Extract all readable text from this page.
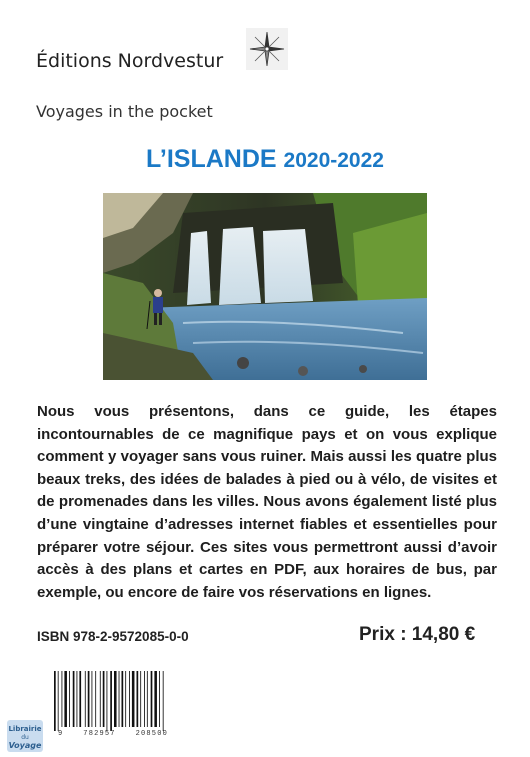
Éditions Nordvestur
Voyages in the pocket
L’ISLANDE 2020-2022

Nous vous présentons, dans ce guide, les étapes incontournables de ce magnifique pays et on vous explique comment y voyager sans vous ruiner. Mais aussi les quatre plus beaux treks, des idées de balades à pied ou à vélo, de visites et de promenades dans les villes. Nous avons également listé plus d’une vingtaine d’adresses internet fiables et essentielles pour préparer votre séjour. Ces sites vous permettront aussi d’avoir accès à des plans et cartes en PDF, aux horaires de bus, par exemple, ou encore de faire vos réservations en lignes.

ISBN 978-2-9572085-0-0	Prix : 14,80 €
9	782957	208500
Librairie
du
Voyage
